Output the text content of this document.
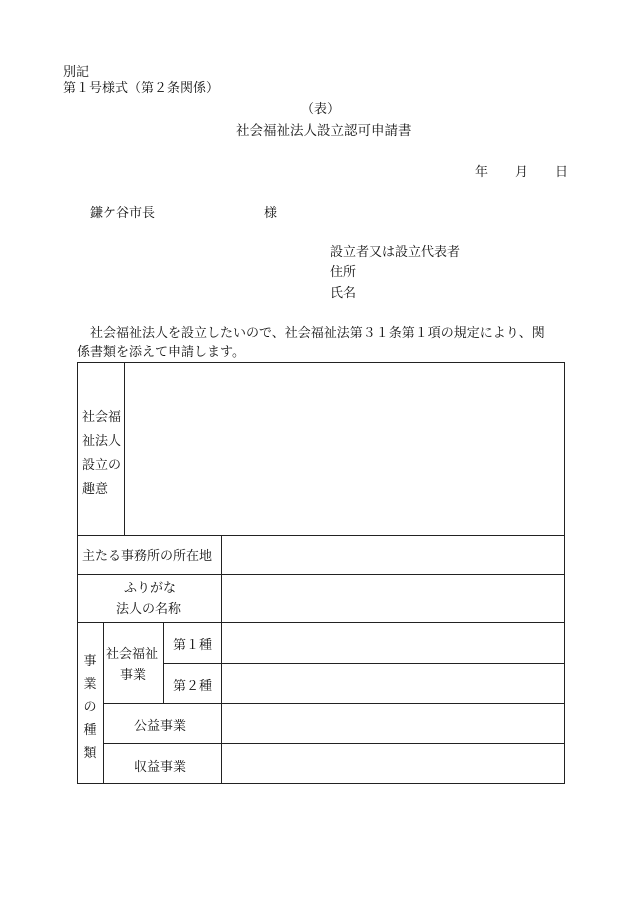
別記
第１号様式（第２条関係）
（表）
社会福祉法人設立認可申請書
年 月 日
鎌ケ谷市長	様
設立者又は設立代表者
住所
氏名
社会福祉法人を設立したいので、社会福祉法第３１条第１項の規定により、関
係書類を添えて申請します。
社会福
祉法人
設立の
趣意
主たる事務所の所在地
ふりがな
法人の名称
事
業
の
種
類
社会福祉
事業
第１種
第２種
公益事業
収益事業
